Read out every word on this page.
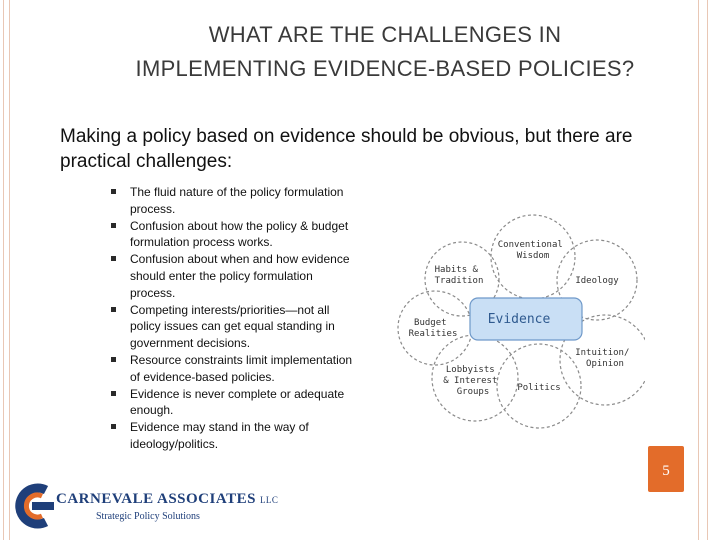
WHAT ARE THE CHALLENGES IN
IMPLEMENTING EVIDENCE-BASED POLICIES?
Making a policy based on evidence should be obvious, but there are practical challenges:
The fluid nature of the policy formulation process.
Confusion about how the policy & budget formulation process works.
Confusion about when and how evidence should enter the policy formulation process.
Competing interests/priorities—not all policy issues can get equal standing in government decisions.
Resource constraints limit implementation of evidence-based policies.
Evidence is never complete or adequate enough.
Evidence may stand in the way of ideology/politics.
Evidence
Conventional Wisdom
Habits & Tradition	Ideology
Budget Realities
Intuition/ Opinion
Lobbyists & Interest Groups	Politics
5
CARNEVALE ASSOCIATES LLC
Strategic Policy Solutions
